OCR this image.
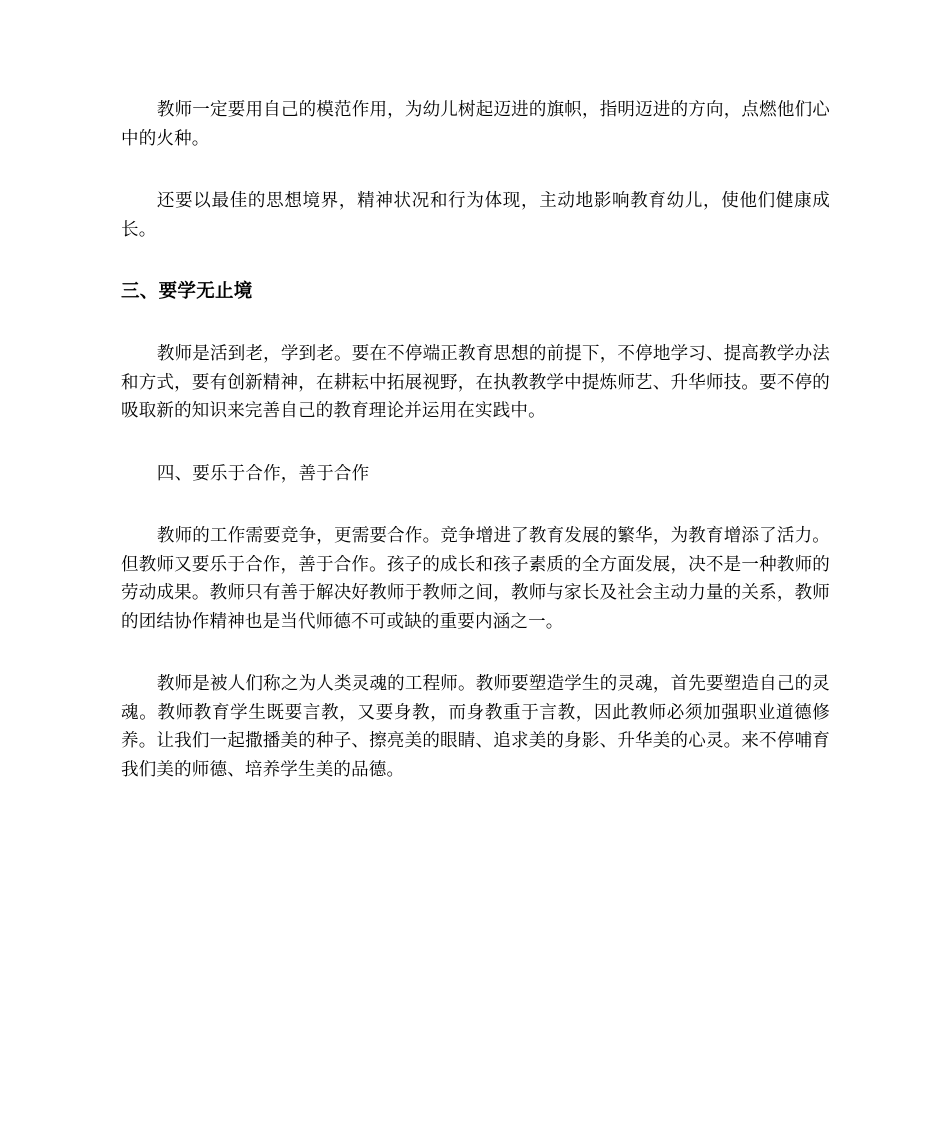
教师一定要用自己的模范作用，为幼儿树起迈进的旗帜，指明迈进的方向，点燃他们心中的火种。

还要以最佳的思想境界，精神状况和行为体现，主动地影响教育幼儿，使他们健康成长。

三、要学无止境

教师是活到老，学到老。要在不停端正教育思想的前提下，不停地学习、提高教学办法和方式，要有创新精神，在耕耘中拓展视野，在执教教学中提炼师艺、升华师技。要不停的吸取新的知识来完善自己的教育理论并运用在实践中。

四、要乐于合作，善于合作

教师的工作需要竞争，更需要合作。竞争增进了教育发展的繁华，为教育增添了活力。但教师又要乐于合作，善于合作。孩子的成长和孩子素质的全方面发展，决不是一种教师的劳动成果。教师只有善于解决好教师于教师之间，教师与家长及社会主动力量的关系，教师的团结协作精神也是当代师德不可或缺的重要内涵之一。

教师是被人们称之为人类灵魂的工程师。教师要塑造学生的灵魂，首先要塑造自己的灵魂。教师教育学生既要言教，又要身教，而身教重于言教，因此教师必须加强职业道德修养。让我们一起撒播美的种子、擦亮美的眼睛、追求美的身影、升华美的心灵。来不停哺育我们美的师德、培养学生美的品德。
